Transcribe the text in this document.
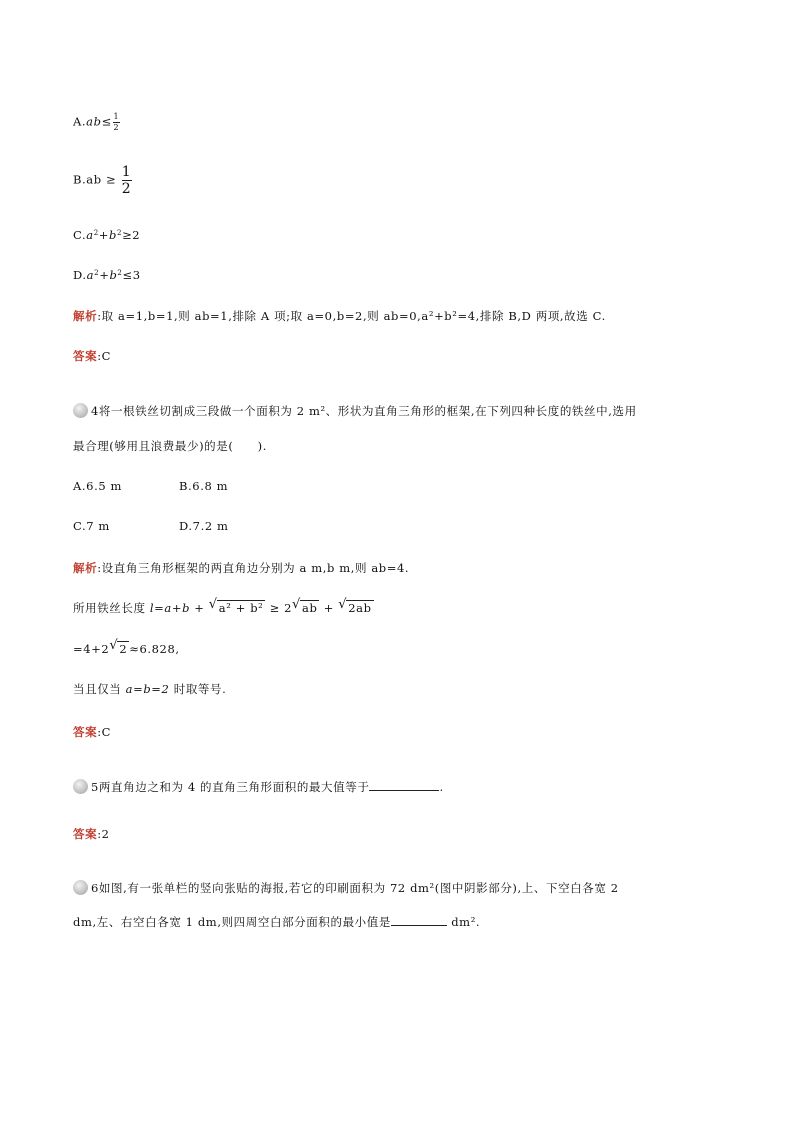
$A.ab\le \frac{1}{2}$
$B.ab \ge \frac{1}{2}$
$C.a^2+b^2\ge 2$
$D.a^2+b^2\le 3$
解析:取 a=1,b=1,则 ab=1,排除 A 项;取 a=0,b=2,则 ab=0,a²+b²=4,排除 B,D 两项,故选 C.
答案:C
4将一根铁丝切割成三段做一个面积为 2 m²、形状为直角三角形的框架,在下列四种长度的铁丝中,选用
最合理(够用且浪费最少)的是(　　).
A.6.5 m	B.6.8 m
C.7 m	D.7.2 m
解析:设直角三角形框架的两直角边分别为 a m,b m,则 ab=4.
所用铁丝长度 l=a+b + √ a² + b² ≥ 2 √ ab + √ 2ab
=4+2 √ 2 ≈6.828,
当且仅当 a=b=2 时取等号.
答案:C
5两直角边之和为 4 的直角三角形面积的最大值等于	.
答案:2
6如图,有一张单栏的竖向张贴的海报,若它的印刷面积为 72 dm²(图中阴影部分),上、下空白各宽 2
dm,左、右空白各宽 1 dm,则四周空白部分面积的最小值是	dm².
